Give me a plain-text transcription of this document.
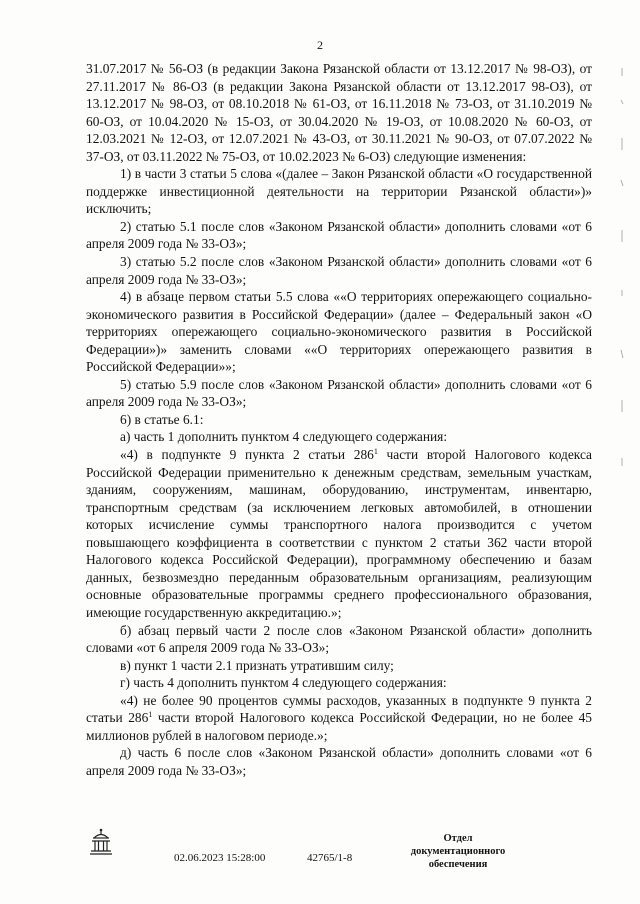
2

31.07.2017 № 56-ОЗ (в редакции Закона Рязанской области от 13.12.2017 № 98-ОЗ), от 27.11.2017 № 86-ОЗ (в редакции Закона Рязанской области от 13.12.2017 98-ОЗ), от 13.12.2017 № 98-ОЗ, от 08.10.2018 № 61-ОЗ, от 16.11.2018 № 73-ОЗ, от 31.10.2019 № 60-ОЗ, от 10.04.2020 № 15-ОЗ, от 30.04.2020 № 19-ОЗ, от 10.08.2020 № 60-ОЗ, от 12.03.2021 № 12-ОЗ, от 12.07.2021 № 43-ОЗ, от 30.11.2021 № 90-ОЗ, от 07.07.2022 № 37-ОЗ, от 03.11.2022 № 75-ОЗ, от 10.02.2023 № 6-ОЗ) следующие изменения:

1) в части 3 статьи 5 слова «(далее – Закон Рязанской области «О государственной поддержке инвестиционной деятельности на территории Рязанской области»)» исключить;

2) статью 5.1 после слов «Законом Рязанской области» дополнить словами «от 6 апреля 2009 года № 33-ОЗ»;

3) статью 5.2 после слов «Законом Рязанской области» дополнить словами «от 6 апреля 2009 года № 33-ОЗ»;

4) в абзаце первом статьи 5.5 слова ««О территориях опережающего социально-экономического развития в Российской Федерации» (далее – Федеральный закон «О территориях опережающего социально-экономического развития в Российской Федерации»)» заменить словами ««О территориях опережающего развития в Российской Федерации»»;

5) статью 5.9 после слов «Законом Рязанской области» дополнить словами «от 6 апреля 2009 года № 33-ОЗ»;

6) в статье 6.1:

а) часть 1 дополнить пунктом 4 следующего содержания:

«4) в подпункте 9 пункта 2 статьи $286^1$ части второй Налогового кодекса Российской Федерации применительно к денежным средствам, земельным участкам, зданиям, сооружениям, машинам, оборудованию, инструментам, инвентарю, транспортным средствам (за исключением легковых автомобилей, в отношении которых исчисление суммы транспортного налога производится с учетом повышающего коэффициента в соответствии с пунктом 2 статьи 362 части второй Налогового кодекса Российской Федерации), программному обеспечению и базам данных, безвозмездно переданным образовательным организациям, реализующим основные образовательные программы среднего профессионального образования, имеющие государственную аккредитацию.»;

б) абзац первый части 2 после слов «Законом Рязанской области» дополнить словами «от 6 апреля 2009 года № 33-ОЗ»;

в) пункт 1 части 2.1 признать утратившим силу;

г) часть 4 дополнить пунктом 4 следующего содержания:

«4) не более 90 процентов суммы расходов, указанных в подпункте 9 пункта 2 статьи $286^1$ части второй Налогового кодекса Российской Федерации, но не более 45 миллионов рублей в налоговом периоде.»;

д) часть 6 после слов «Законом Рязанской области» дополнить словами «от 6 апреля 2009 года № 33-ОЗ»;

02.06.2023 15:28:00	42765/1-8
Отдел документационного
обеспечения
